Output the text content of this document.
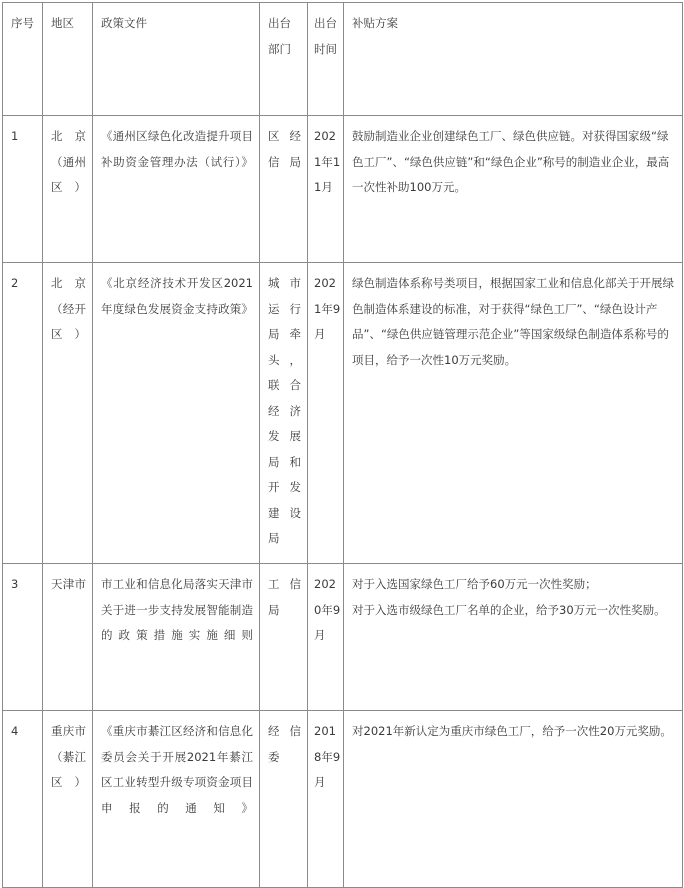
序号	地区	政策文件	出台部门	出台时间	补贴方案
1	北京（通州区）	《通州区绿色化改造提升项目补助资金管理办法（试行）》	区经信局	2021年11月	鼓励制造业企业创建绿色工厂、绿色供应链。对获得国家级“绿色工厂”、“绿色供应链”和“绿色企业”称号的制造业企业，最高一次性补助100万元。
2	北京（经开区）	《北京经济技术开发区2021年度绿色发展资金支持政策》	城市运行局牵头，联合经济发展局和开发建设局	2021年9月	绿色制造体系称号类项目，根据国家工业和信息化部关于开展绿色制造体系建设的标准，对于获得“绿色工厂”、“绿色设计产品”、“绿色供应链管理示范企业”等国家级绿色制造体系称号的项目，给予一次性10万元奖励。
3	天津市	市工业和信息化局落实天津市关于进一步支持发展智能制造的政策措施实施细则	工信局	2020年9月	对于入选国家绿色工厂给予60万元一次性奖励；
对于入选市级绿色工厂名单的企业，给予30万元一次性奖励。

4	重庆市（綦江区）	《重庆市綦江区经济和信息化委员会关于开展2021年綦江区工业转型升级专项资金项目申报的通知》	经信委	2018年9月	对2021年新认定为重庆市绿色工厂，给予一次性20万元奖励。
